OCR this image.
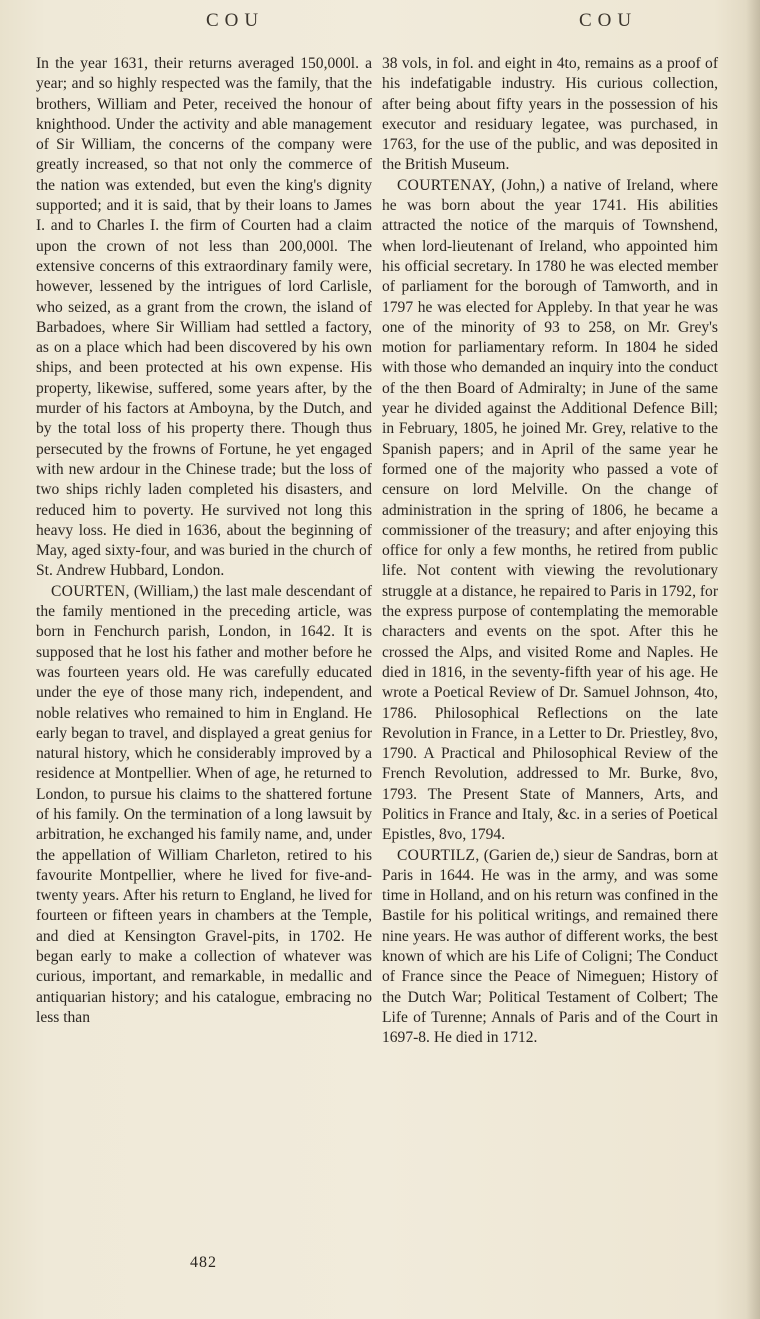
COU	COU

In the year 1631, their returns averaged 150,000l. a year; and so highly respected was the family, that the brothers, William and Peter, received the honour of knighthood. Under the activity and able management of Sir William, the concerns of the company were greatly increased, so that not only the commerce of the nation was extended, but even the king's dignity supported; and it is said, that by their loans to James I. and to Charles I. the firm of Courten had a claim upon the crown of not less than 200,000l. The extensive concerns of this extraordinary family were, however, lessened by the intrigues of lord Carlisle, who seized, as a grant from the crown, the island of Barbadoes, where Sir William had settled a factory, as on a place which had been discovered by his own ships, and been protected at his own expense. His property, likewise, suffered, some years after, by the murder of his factors at Amboyna, by the Dutch, and by the total loss of his property there. Though thus persecuted by the frowns of Fortune, he yet engaged with new ardour in the Chinese trade; but the loss of two ships richly laden completed his disasters, and reduced him to poverty. He survived not long this heavy loss. He died in 1636, about the beginning of May, aged sixty-four, and was buried in the church of St. Andrew Hubbard, London.

COURTEN, (William,) the last male descendant of the family mentioned in the preceding article, was born in Fenchurch parish, London, in 1642. It is supposed that he lost his father and mother before he was fourteen years old. He was carefully educated under the eye of those many rich, independent, and noble relatives who remained to him in England. He early began to travel, and displayed a great genius for natural history, which he considerably improved by a residence at Montpellier. When of age, he returned to London, to pursue his claims to the shattered fortune of his family. On the termination of a long lawsuit by arbitration, he exchanged his family name, and, under the appellation of William Charleton, retired to his favourite Montpellier, where he lived for five-and-twenty years. After his return to England, he lived for fourteen or fifteen years in chambers at the Temple, and died at Kensington Gravel-pits, in 1702. He began early to make a collection of whatever was curious, important, and remarkable, in medallic and antiquarian history; and his catalogue, embracing no less than

38 vols, in fol. and eight in 4to, remains as a proof of his indefatigable industry. His curious collection, after being about fifty years in the possession of his executor and residuary legatee, was purchased, in 1763, for the use of the public, and was deposited in the British Museum.

COURTENAY, (John,) a native of Ireland, where he was born about the year 1741. His abilities attracted the notice of the marquis of Townshend, when lord-lieutenant of Ireland, who appointed him his official secretary. In 1780 he was elected member of parliament for the borough of Tamworth, and in 1797 he was elected for Appleby. In that year he was one of the minority of 93 to 258, on Mr. Grey's motion for parliamentary reform. In 1804 he sided with those who demanded an inquiry into the conduct of the then Board of Admiralty; in June of the same year he divided against the Additional Defence Bill; in February, 1805, he joined Mr. Grey, relative to the Spanish papers; and in April of the same year he formed one of the majority who passed a vote of censure on lord Melville. On the change of administration in the spring of 1806, he became a commissioner of the treasury; and after enjoying this office for only a few months, he retired from public life. Not content with viewing the revolutionary struggle at a distance, he repaired to Paris in 1792, for the express purpose of contemplating the memorable characters and events on the spot. After this he crossed the Alps, and visited Rome and Naples. He died in 1816, in the seventy-fifth year of his age. He wrote a Poetical Review of Dr. Samuel Johnson, 4to, 1786. Philosophical Reflections on the late Revolution in France, in a Letter to Dr. Priestley, 8vo, 1790. A Practical and Philosophical Review of the French Revolution, addressed to Mr. Burke, 8vo, 1793. The Present State of Manners, Arts, and Politics in France and Italy, &c. in a series of Poetical Epistles, 8vo, 1794.

COURTILZ, (Garien de,) sieur de Sandras, born at Paris in 1644. He was in the army, and was some time in Holland, and on his return was confined in the Bastile for his political writings, and remained there nine years. He was author of different works, the best known of which are his Life of Coligni; The Conduct of France since the Peace of Nimeguen; History of the Dutch War; Political Testament of Colbert; The Life of Turenne; Annals of Paris and of the Court in 1697-8. He died in 1712.

482
